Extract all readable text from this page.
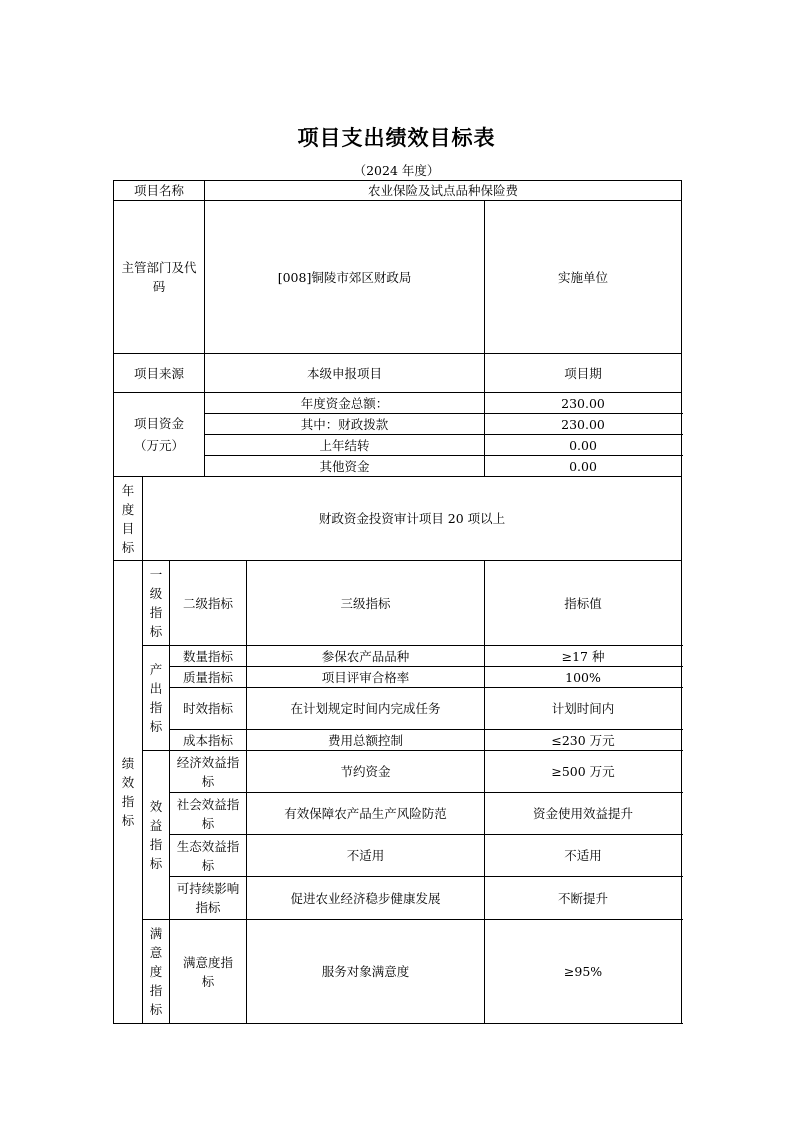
项目支出绩效目标表
（2024 年度）
项目名称			农业保险及试点品种保险费			
主管部门及代码			[008]铜陵市郊区财政局		实施单位	
项目来源			本级申报项目		项目期	

项目资金（万元）			年度资金总额：		230.00	
			其中：财政拨款		230.00	
			上年结转		0.00	
			其他资金		0.00	

年度目标	财政资金投资审计项目 20 项以上					

绩效指标	一级指标	二级指标		三级指标	指标值	

	产出指标	数量指标		参保农产品品种	≥17 种	
		质量指标		项目评审合格率	100%	
		时效指标		在计划规定时间内完成任务	计划时间内	
		成本指标		费用总额控制	≤230 万元	

	效益指标	经济效益指标		节约资金	≥500 万元	
		社会效益指标		有效保障农产品生产风险防范	资金使用效益提升	
		生态效益指标		不适用	不适用	
		可持续影响指标		促进农业经济稳步健康发展	不断提升	

	满意度指标	满意度指标		服务对象满意度	≥95%	
